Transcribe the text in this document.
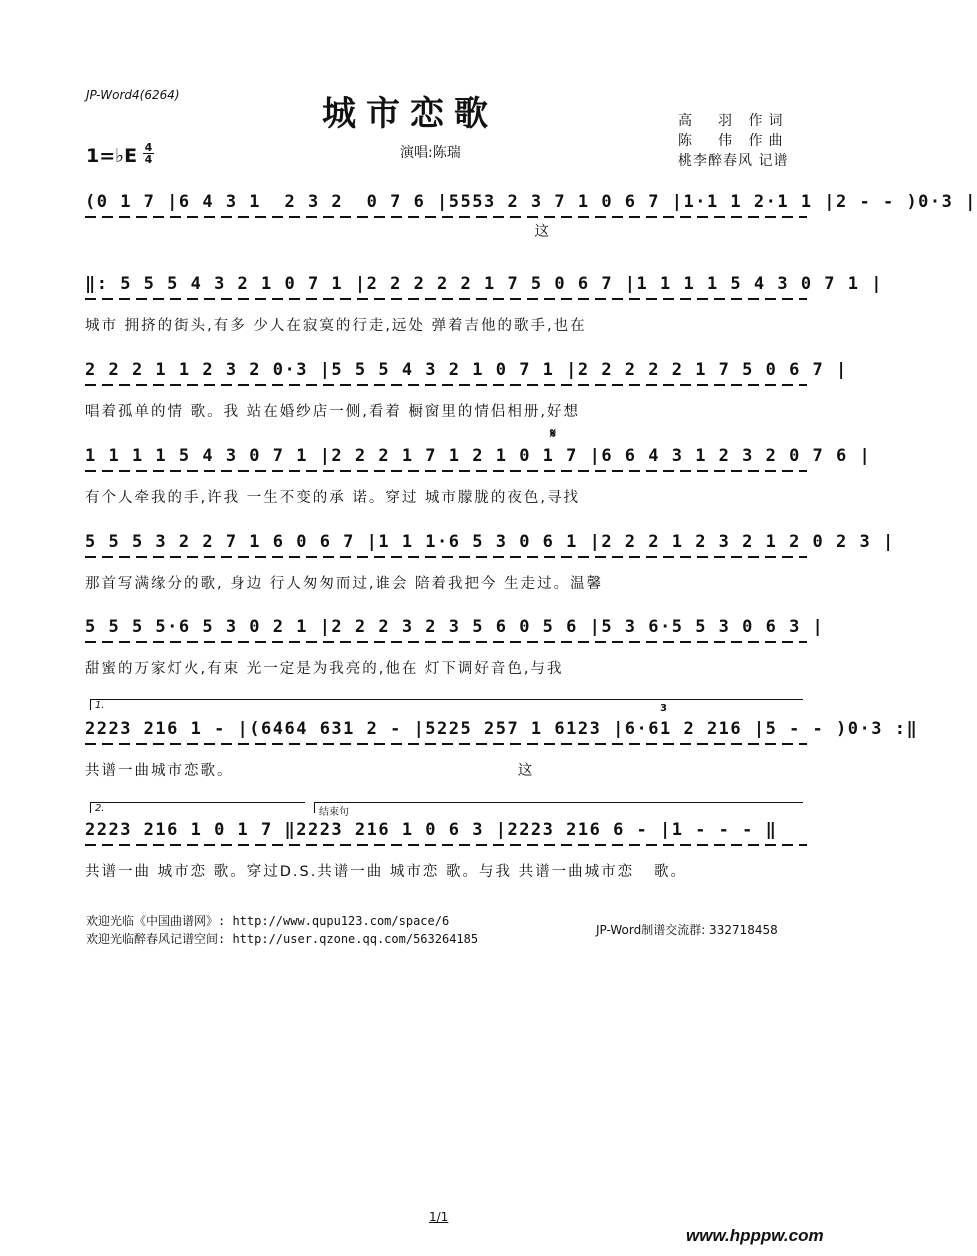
JP-Word4(6264)	城市恋歌
1=♭E 4
4	演唱:陈瑞
高　羽 作词
陈　伟 作曲
桃李醉春风 记谱
(0 1 7 |6 4 3 1  2 3 2  0 7 6 |5553 2 3 7 1 0 6 7 |1·1 1 2·1 1 |2 - - )0·3 |
这
‖: 5 5 5 4 3 2 1 0 7 1 |2 2 2 2 2 1 7 5 0 6 7 |1 1 1 1 5 4 3 0 7 1 |
城市 拥挤的街头,有多 少人在寂寞的行走,远处 弹着吉他的歌手,也在
2 2 2 1 1 2 3 2 0·3 |5 5 5 4 3 2 1 0 7 1 |2 2 2 2 2 1 7 5 0 6 7 |
唱着孤单的情 歌。我 站在婚纱店一侧,看着 橱窗里的情侣相册,好想
𝄋
1 1 1 1 5 4 3 0 7 1 |2 2 2 1 7 1 2 1 0 1 7 |6 6 4 3 1 2 3 2 0 7 6 |
有个人牵我的手,许我 一生不变的承 诺。穿过 城市朦胧的夜色,寻找
5 5 5 3 2 2 7 1 6 0 6 7 |1 1 1·6 5 3 0 6 1 |2 2 2 1 2 3 2 1 2 0 2 3 |
那首写满缘分的歌, 身边 行人匆匆而过,谁会 陪着我把今 生走过。温馨
5 5 5 5·6 5 3 0 2 1 |2 2 2 3 2 3 5 6 0 5 6 |5 3 6·5 5 3 0 6 3 |
甜蜜的万家灯火,有束 光一定是为我亮的,他在 灯下调好音色,与我
1.	3
2223 216 1 - |(6464 631 2 - |5225 257 1 6123 |6·61 2 216 |5 - - )0·3 :‖
共谱一曲城市恋歌。                                           这
2.	结束句
2223 216 1 0 1 7 ‖2223 216 1 0 6 3 |2223 216 6 - |1 - - - ‖
共谱一曲 城市恋 歌。穿过D.S.共谱一曲 城市恋 歌。与我 共谱一曲城市恋   歌。
欢迎光临《中国曲谱网》: http://www.qupu123.com/space/6
欢迎光临醉春风记谱空间: http://user.qzone.qq.com/563264185
JP-Word制谱交流群: 332718458
1/1
www.hpppw.com
